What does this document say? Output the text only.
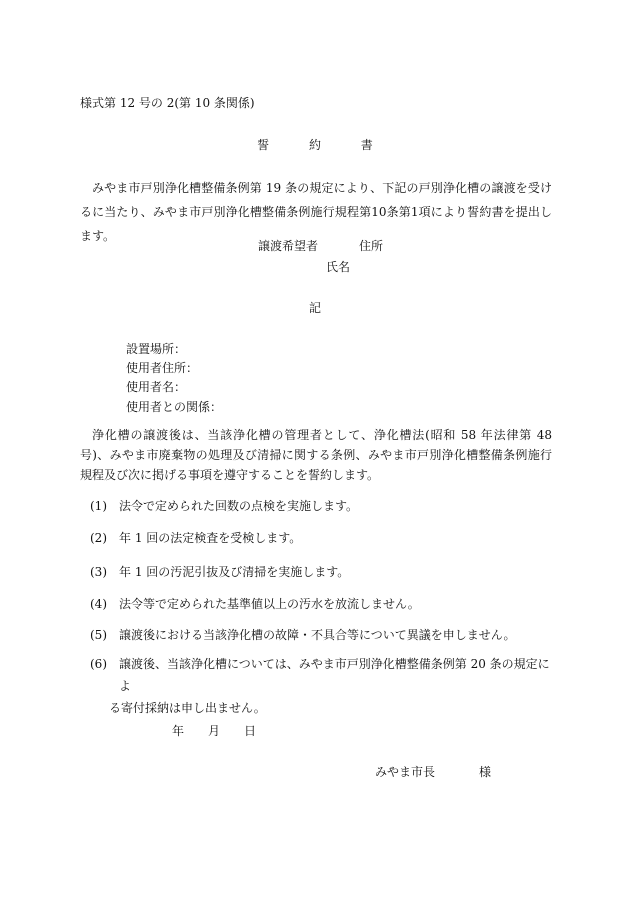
様式第 12 号の 2(第 10 条関係)
誓 約 書
みやま市戸別浄化槽整備条例第 19 条の規定により、下記の戸別浄化槽の譲渡を受けるに当たり、みやま市戸別浄化槽整備条例施行規程第10条第1項により誓約書を提出します。
譲渡希望者	住所
氏名
記
設置場所：
使用者住所：
使用者名：
使用者との関係：
浄化槽の譲渡後は、当該浄化槽の管理者として、浄化槽法(昭和 58 年法律第 48 号)、みやま市廃棄物の処理及び清掃に関する条例、みやま市戸別浄化槽整備条例施行規程及び次に掲げる事項を遵守することを誓約します。
(1)	法令で定められた回数の点検を実施します。
(2)	年 1 回の法定検査を受検します。
(3)	年 1 回の汚泥引抜及び清掃を実施します。
(4)	法令等で定められた基準値以上の汚水を放流しません。
(5)	譲渡後における当該浄化槽の故障・不具合等について異議を申しません。
(6)	譲渡後、当該浄化槽については、みやま市戸別浄化槽整備条例第 20 条の規定によ
る寄付採納は申し出ません。
年 月 日
みやま市長	様
